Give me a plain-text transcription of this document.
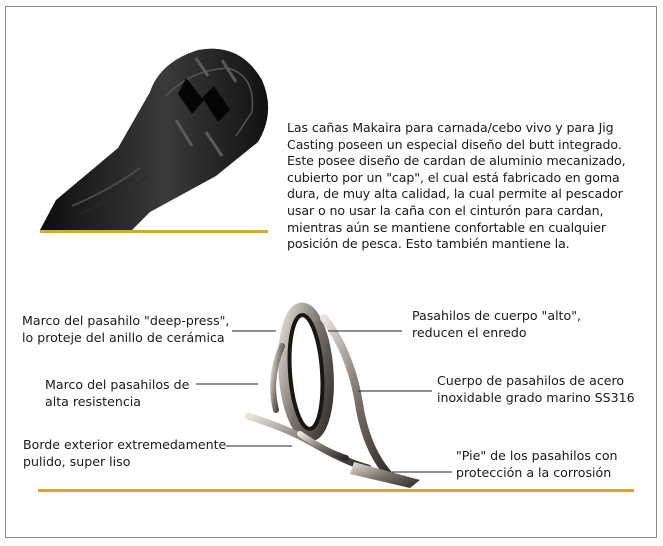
Las cañas Makaira para carnada/cebo vivo y para Jig
Casting poseen un especial diseño del butt integrado.
Este posee diseño de cardan de aluminio mecanizado,
cubierto por un "cap", el cual está fabricado en goma
dura, de muy alta calidad, la cual permite al pescador
usar o no usar la caña con el cinturón para cardan,
mientras aún se mantiene confortable en cualquier
posición de pesca. Esto también mantiene la.
Marco del pasahilo "deep-press",
lo proteje del anillo de cerámica
Pasahilos de cuerpo "alto",
reducen el enredo
Marco del pasahilos de
alta resistencia
Cuerpo de pasahilos de acero
inoxidable grado marino SS316
Borde exterior extremedamente
pulido, super liso	"Pie" de los pasahilos con
protección a la corrosión
